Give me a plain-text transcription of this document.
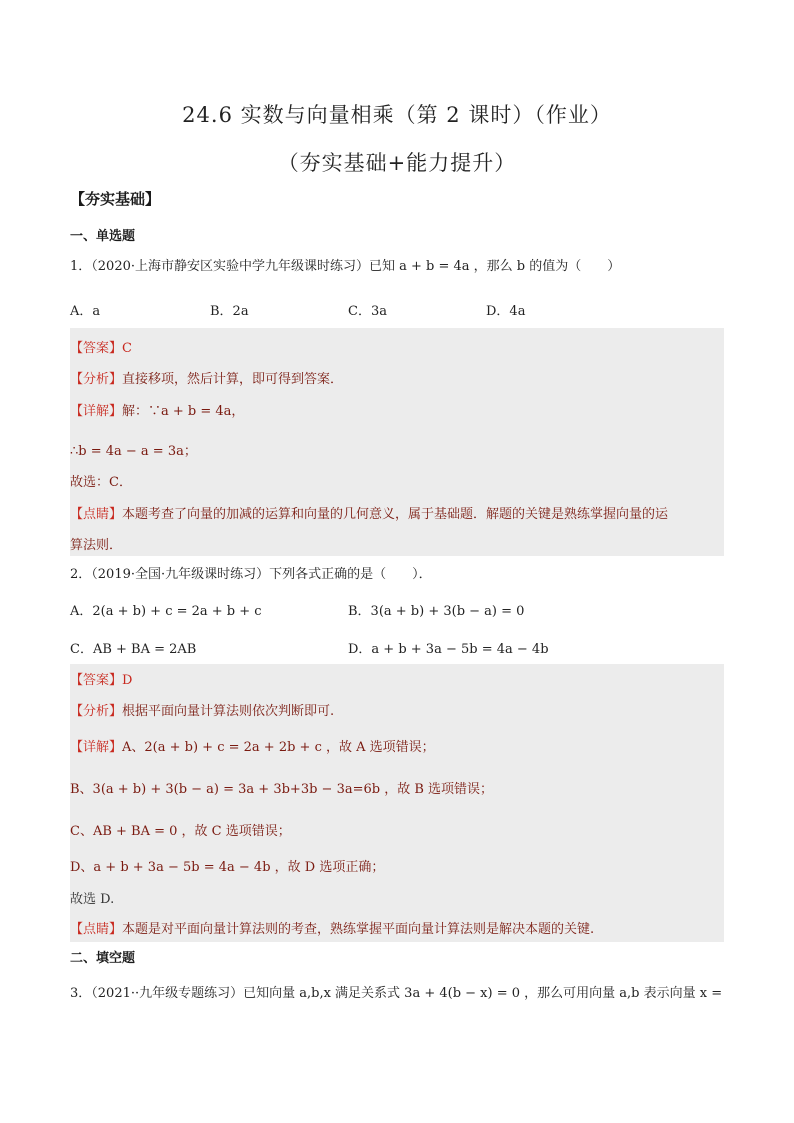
24.6 实数与向量相乘（第 2 课时）（作业）
（夯实基础+能力提升）
【夯实基础】
一、单选题
1．（2020·上海市静安区实验中学九年级课时练习）已知 a + b = 4a ，那么 b 的值为（　　）
A．a	B．2a	C．3a	D．4a
【答案】C
【分析】直接移项，然后计算，即可得到答案．
【详解】解：∵a + b = 4a，
∴b = 4a − a = 3a；
故选：C．
【点睛】本题考查了向量的加减的运算和向量的几何意义，属于基础题．解题的关键是熟练掌握向量的运
算法则．
2．（2019·全国·九年级课时练习）下列各式正确的是（　　）．
A．2(a + b) + c = 2a + b + c	B．3(a + b) + 3(b − a) = 0
C．AB + BA = 2AB	D．a + b + 3a − 5b = 4a − 4b
【答案】D
【分析】根据平面向量计算法则依次判断即可.
【详解】A、2(a + b) + c = 2a + 2b + c ，故 A 选项错误；
B、3(a + b) + 3(b − a) = 3a + 3b+3b − 3a=6b ，故 B 选项错误；
C、AB + BA = 0 ，故 C 选项错误；
D、a + b + 3a − 5b = 4a − 4b ，故 D 选项正确；
故选 D.
【点睛】本题是对平面向量计算法则的考查，熟练掌握平面向量计算法则是解决本题的关键.
二、填空题
3．（2021··九年级专题练习）已知向量 a,b,x 满足关系式 3a + 4(b − x) = 0 ，那么可用向量 a,b 表示向量 x =
